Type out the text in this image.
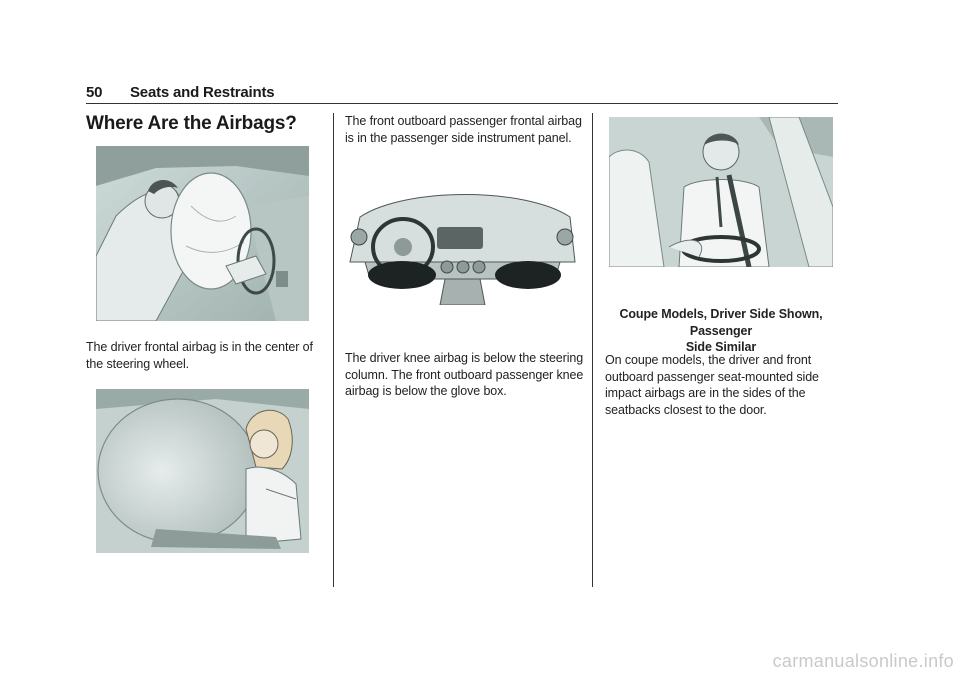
50 Seats and Restraints
Where Are the Airbags?
The driver frontal airbag is in the center of
the steering wheel.
The front outboard passenger frontal airbag
is in the passenger side instrument panel.
The driver knee airbag is below the steering
column. The front outboard passenger knee
airbag is below the glove box.
Coupe Models, Driver Side Shown, Passenger
Side Similar
On coupe models, the driver and front
outboard passenger seat-mounted side
impact airbags are in the sides of the
seatbacks closest to the door.
carmanualsonline.info
